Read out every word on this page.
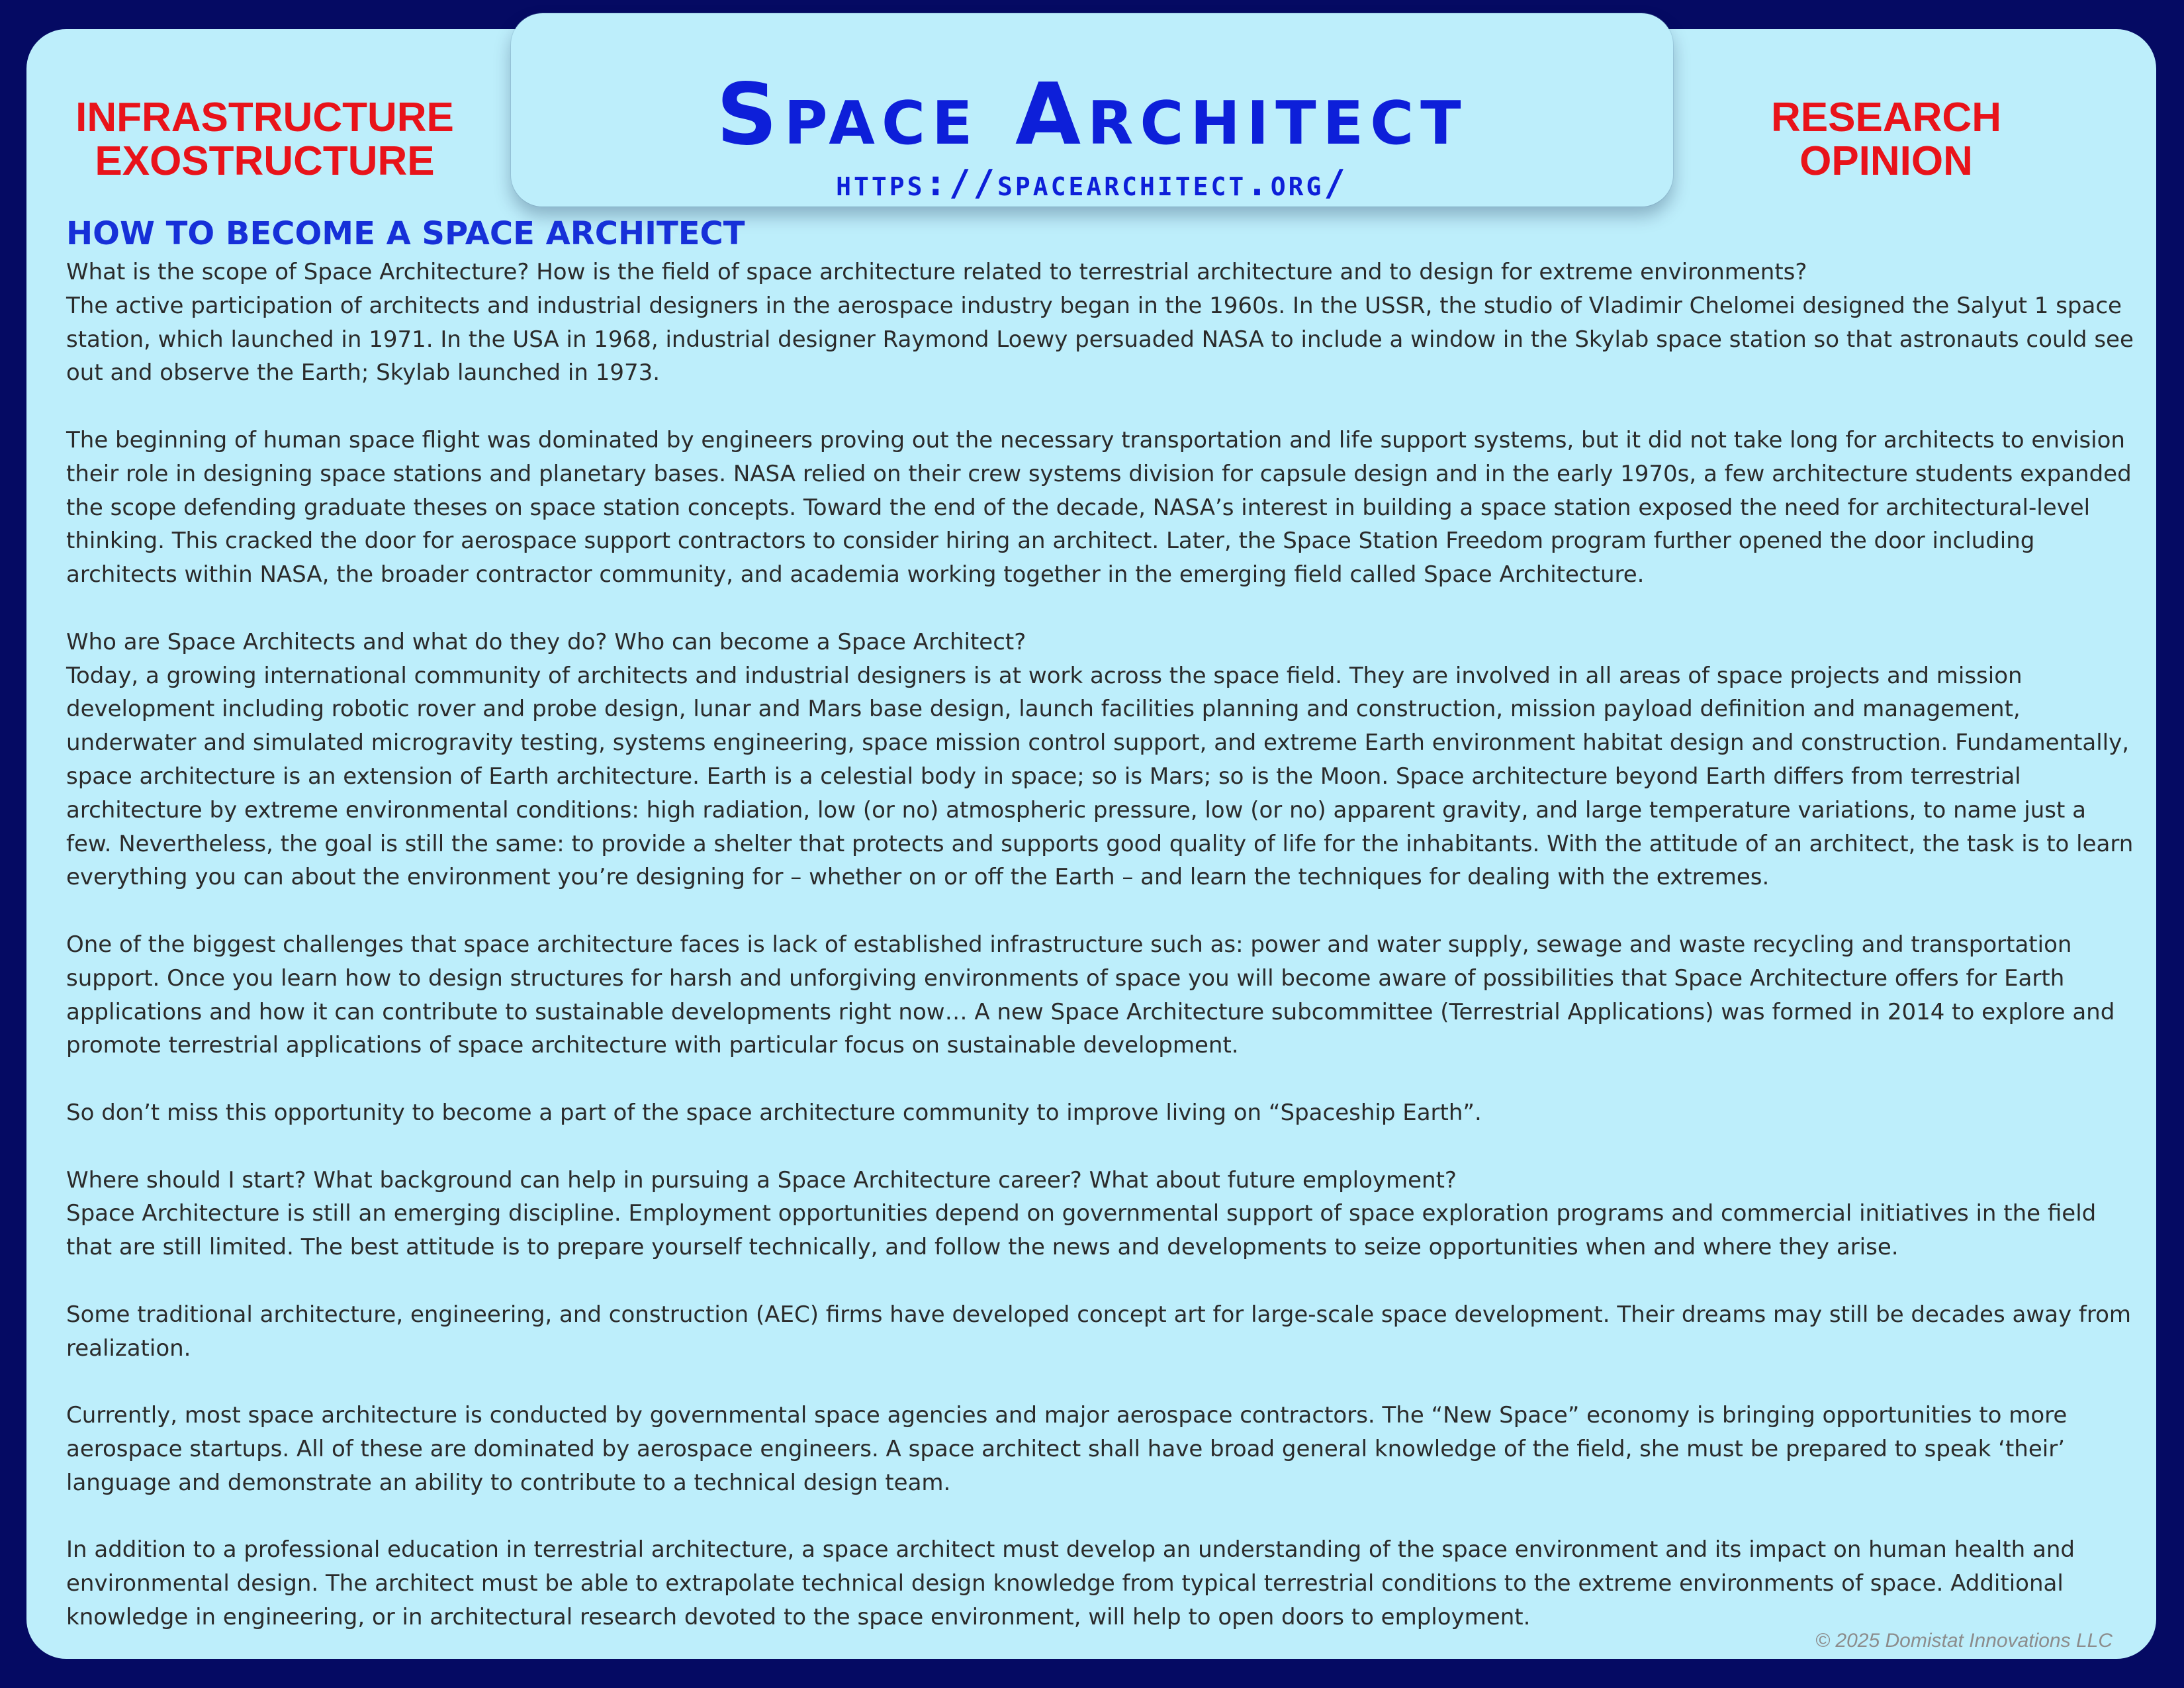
Space Architect
https://spacearchitect.org/
INFRASTRUCTURE
EXOSTRUCTURE
RESEARCH
OPINION
HOW TO BECOME A SPACE ARCHITECT

What is the scope of Space Architecture? How is the field of space architecture related to terrestrial architecture and to design for extreme environments?

The active participation of architects and industrial designers in the aerospace industry began in the 1960s. In the USSR, the studio of Vladimir Chelomei designed the Salyut 1 space station, which launched in 1971. In the USA in 1968, industrial designer Raymond Loewy persuaded NASA to include a window in the Skylab space station so that astronauts could see out and observe the Earth; Skylab launched in 1973.

The beginning of human space flight was dominated by engineers proving out the necessary transportation and life support systems, but it did not take long for architects to envision their role in designing space stations and planetary bases. NASA relied on their crew systems division for capsule design and in the early 1970s, a few architecture students expanded the scope defending graduate theses on space station concepts. Toward the end of the decade, NASA’s interest in building a space station exposed the need for architectural-level thinking. This cracked the door for aerospace support contractors to consider hiring an architect. Later, the Space Station Freedom program further opened the door including architects within NASA, the broader contractor community, and academia working together in the emerging field called Space Architecture.

Who are Space Architects and what do they do? Who can become a Space Architect?

Today, a growing international community of architects and industrial designers is at work across the space field. They are involved in all areas of space projects and mission development including robotic rover and probe design, lunar and Mars base design, launch facilities planning and construction, mission payload definition and management, underwater and simulated microgravity testing, systems engineering, space mission control support, and extreme Earth environment habitat design and construction. Fundamentally, space architecture is an extension of Earth architecture. Earth is a celestial body in space; so is Mars; so is the Moon. Space architecture beyond Earth differs from terrestrial architecture by extreme environmental conditions: high radiation, low (or no) atmospheric pressure, low (or no) apparent gravity, and large temperature variations, to name just a few. Nevertheless, the goal is still the same: to provide a shelter that protects and supports good quality of life for the inhabitants. With the attitude of an architect, the task is to learn everything you can about the environment you’re designing for – whether on or off the Earth – and learn the techniques for dealing with the extremes.

One of the biggest challenges that space architecture faces is lack of established infrastructure such as: power and water supply, sewage and waste recycling and transportation support. Once you learn how to design structures for harsh and unforgiving environments of space you will become aware of possibilities that Space Architecture offers for Earth applications and how it can contribute to sustainable developments right now… A new Space Architecture subcommittee (Terrestrial Applications) was formed in 2014 to explore and promote terrestrial applications of space architecture with particular focus on sustainable development.

So don’t miss this opportunity to become a part of the space architecture community to improve living on “Spaceship Earth”.

Where should I start? What background can help in pursuing a Space Architecture career? What about future employment?

Space Architecture is still an emerging discipline. Employment opportunities depend on governmental support of space exploration programs and commercial initiatives in the field that are still limited. The best attitude is to prepare yourself technically, and follow the news and developments to seize opportunities when and where they arise.

Some traditional architecture, engineering, and construction (AEC) firms have developed concept art for large-scale space development. Their dreams may still be decades away from realization.

Currently, most space architecture is conducted by governmental space agencies and major aerospace contractors. The “New Space” economy is bringing opportunities to more aerospace startups. All of these are dominated by aerospace engineers. A space architect shall have broad general knowledge of the field, she must be prepared to speak ‘their’ language and demonstrate an ability to contribute to a technical design team.

In addition to a professional education in terrestrial architecture, a space architect must develop an understanding of the space environment and its impact on human health and environmental design. The architect must be able to extrapolate technical design knowledge from typical terrestrial conditions to the extreme environments of space. Additional knowledge in engineering, or in architectural research devoted to the space environment, will help to open doors to employment.

© 2025 Domistat Innovations LLC
